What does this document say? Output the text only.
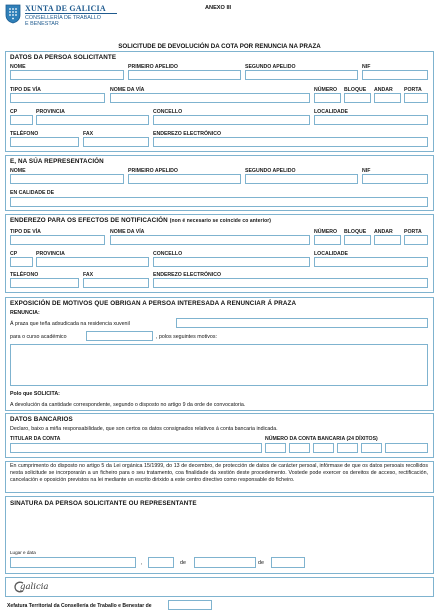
XUNTA DE GALICIA
CONSELLERÍA DE TRABALLO
E BENESTAR
ANEXO III
SOLICITUDE DE DEVOLUCIÓN DA COTA POR RENUNCIA NA PRAZA
DATOS DA PERSOA SOLICITANTE
NOME	PRIMEIRO APELIDO	SEGUNDO APELIDO	NIF
TIPO DE VÍA	NOME DA VÍA	NÚMERO BLOQUE ANDAR PORTA
CP	PROVINCIA	CONCELLO	LOCALIDADE
TELÉFONO	FAX	ENDEREZO ELECTRÓNICO
E, NA SÚA REPRESENTACIÓN
NOME	PRIMEIRO APELIDO	SEGUNDO APELIDO	NIF
EN CALIDADE DE
ENDEREZO PARA OS EFECTOS DE NOTIFICACIÓN (non é necesario se coincide co anterior)
TIPO DE VÍA	NOME DA VÍA	NÚMERO BLOQUE ANDAR PORTA
CP	PROVINCIA	CONCELLO	LOCALIDADE
TELÉFONO	FAX	ENDEREZO ELECTRÓNICO
EXPOSICIÓN DE MOTIVOS QUE OBRIGAN A PERSOA INTERESADA A RENUNCIAR Á PRAZA
RENUNCIA:
Á praza que teña adxudicada na residencia xuvenil
para o curso académico	, polos seguintes motivos:
Polo que SOLICITA:
A devolución da cantidade correspondente, segundo o disposto no artigo 9 da orde de convocatoria.
DATOS BANCARIOS
Declaro, baixo a miña responsabilidade, que son certos os datos consignados relativos á conta bancaria indicada.
TITULAR DA CONTA	NÚMERO DA CONTA BANCARIA (24 DÍXITOS)
En cumprimento do disposto no artigo 5 da Lei orgánica 15/1999, do 13 de decembro, de protección de datos de carácter persoal, infórmase de que os datos persoais recollidos nesta solicitude se incorporarán a un ficheiro para o seu tratamento, coa finalidade da xestión deste procedemento. Vostede pode exercer os dereitos de acceso, rectificación, cancelación e oposición previstos na lei mediante un escrito dirixido a este centro directivo como responsable do ficheiro.
SINATURA DA PERSOA SOLICITANTE OU REPRESENTANTE
Lugar e data
,	de	de
galicia
Xefatura Territorial da Consellería de Traballo e Benestar de
